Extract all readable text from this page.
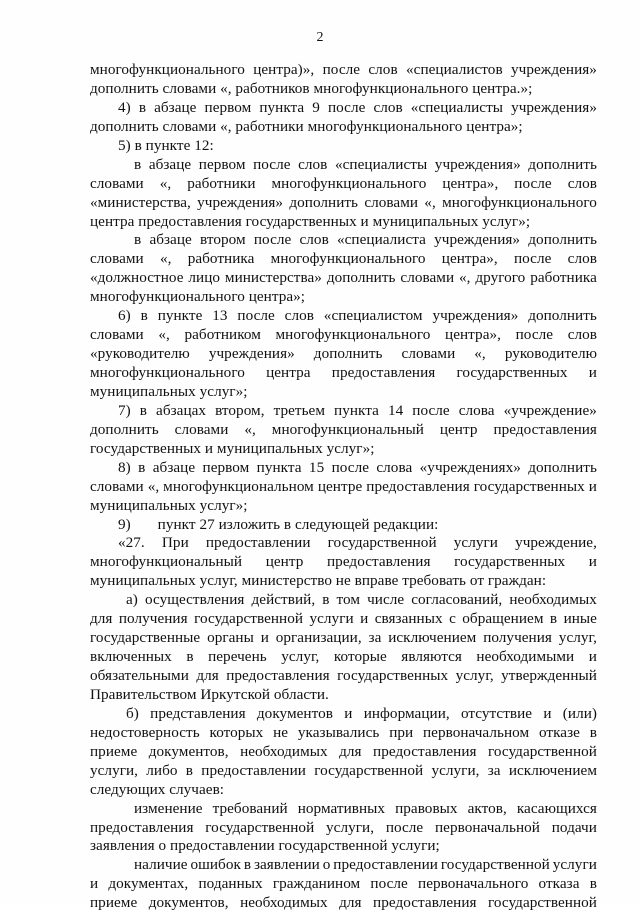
2
многофункционального центра)», после слов «специалистов учреждения»
дополнить словами «, работников многофункционального центра.»;
4) в абзаце первом пункта 9 после слов «специалисты учреждения»
дополнить словами «, работники многофункционального центра»;
5) в пункте 12:
в абзаце первом после слов «специалисты учреждения» дополнить
словами «, работники многофункционального центра», после слов
«министерства, учреждения» дополнить словами «, многофункционального
центра предоставления государственных и муниципальных услуг»;
в абзаце втором после слов «специалиста учреждения» дополнить
словами «, работника многофункционального центра», после слов
«должностное лицо министерства» дополнить словами «, другого работника
многофункционального центра»;
6) в пункте 13 после слов «специалистом учреждения» дополнить
словами «, работником многофункционального центра», после слов
«руководителю учреждения» дополнить словами «, руководителю
многофункционального центра предоставления государственных и
муниципальных услуг»;
7) в абзацах втором, третьем пункта 14 после слова «учреждение»
дополнить словами «, многофункциональный центр предоставления
государственных и муниципальных услуг»;
8) в абзаце первом пункта 15 после слова «учреждениях» дополнить
словами «, многофункциональном центре предоставления государственных и
муниципальных услуг»;
9)       пункт 27 изложить в следующей редакции:
«27. При предоставлении государственной услуги учреждение,
многофункциональный центр предоставления государственных и
муниципальных услуг, министерство не вправе требовать от граждан:
а) осуществления действий, в том числе согласований, необходимых
для получения государственной услуги и связанных с обращением в иные
государственные органы и организации, за исключением получения услуг,
включенных в перечень услуг, которые являются необходимыми и
обязательными для предоставления государственных услуг, утвержденный
Правительством Иркутской области.
б) представления документов и информации, отсутствие и (или)
недостоверность которых не указывались при первоначальном отказе в
приеме документов, необходимых для предоставления государственной
услуги, либо в предоставлении государственной услуги, за исключением
следующих случаев:
изменение требований нормативных правовых актов, касающихся
предоставления государственной услуги, после первоначальной подачи
заявления о предоставлении государственной услуги;
наличие ошибок в заявлении о предоставлении государственной услуги
и документах, поданных гражданином после первоначального отказа в
приеме документов, необходимых для предоставления государственной
